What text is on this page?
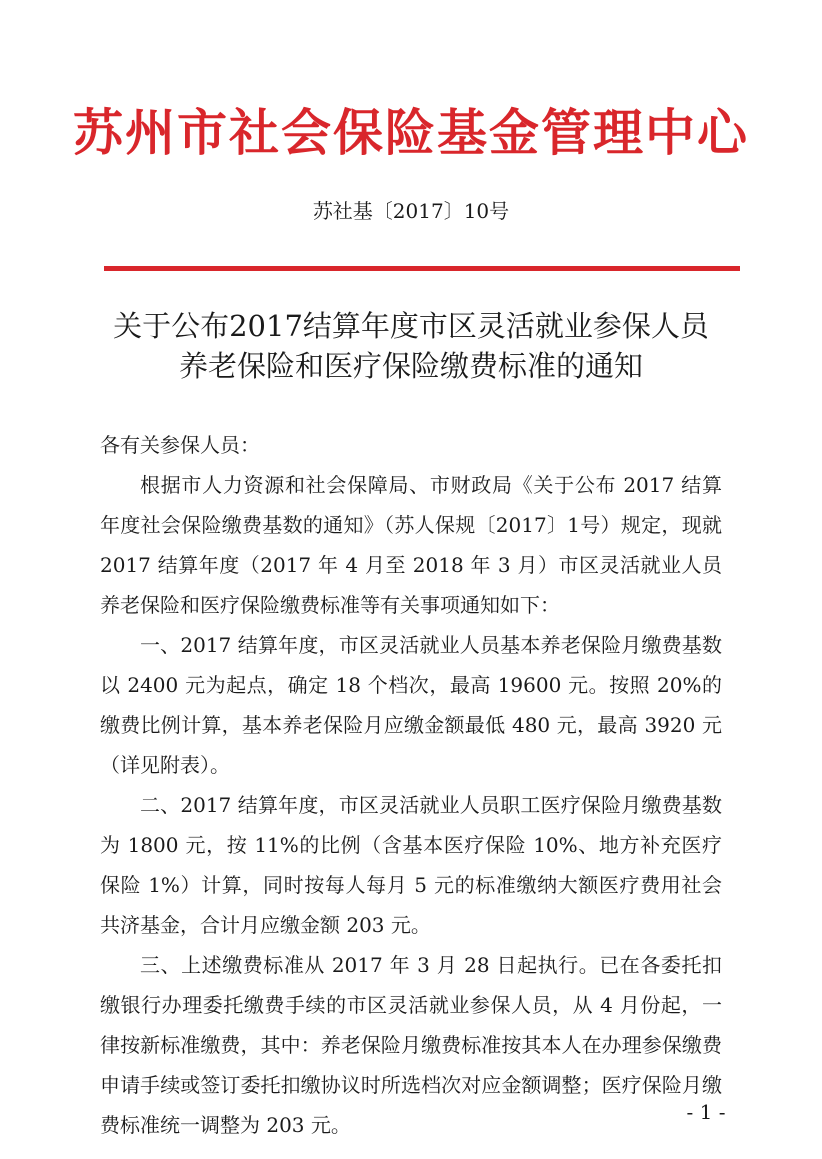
苏州市社会保险基金管理中心
苏社基〔2017〕10号
关于公布2017结算年度市区灵活就业参保人员
养老保险和医疗保险缴费标准的通知

各有关参保人员：

根据市人力资源和社会保障局、市财政局《关于公布 2017 结算年度社会保险缴费基数的通知》（苏人保规〔2017〕1号）规定，现就 2017 结算年度（2017 年 4 月至 2018 年 3 月）市区灵活就业人员养老保险和医疗保险缴费标准等有关事项通知如下：

一、2017 结算年度，市区灵活就业人员基本养老保险月缴费基数以 2400 元为起点，确定 18 个档次，最高 19600 元。按照 20%的缴费比例计算，基本养老保险月应缴金额最低 480 元，最高 3920 元（详见附表）。

二、2017 结算年度，市区灵活就业人员职工医疗保险月缴费基数为 1800 元，按 11%的比例（含基本医疗保险 10%、地方补充医疗保险 1%）计算，同时按每人每月 5 元的标准缴纳大额医疗费用社会共济基金，合计月应缴金额 203 元。

三、上述缴费标准从 2017 年 3 月 28 日起执行。已在各委托扣缴银行办理委托缴费手续的市区灵活就业参保人员，从 4 月份起，一律按新标准缴费，其中：养老保险月缴费标准按其本人在办理参保缴费申请手续或签订委托扣缴协议时所选档次对应金额调整；医疗保险月缴费标准统一调整为 203 元。

- 1 -
